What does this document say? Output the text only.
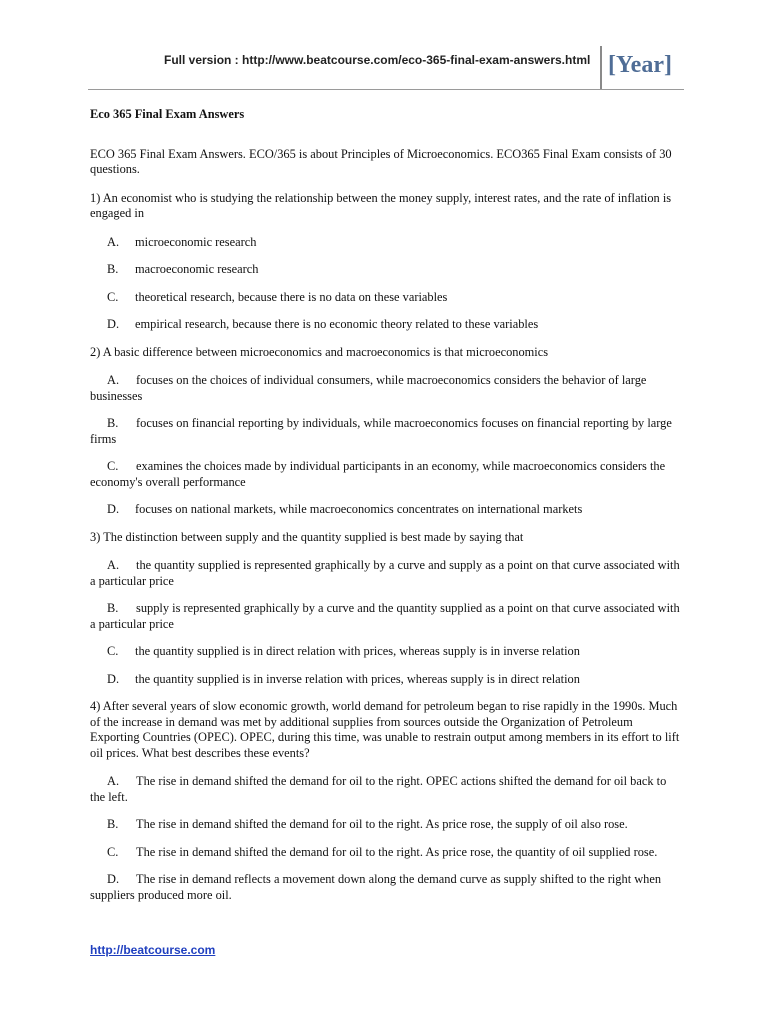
Full version : http://www.beatcourse.com/eco-365-final-exam-answers.html [Year]
Eco 365 Final Exam Answers
ECO 365 Final Exam Answers. ECO/365 is about Principles of Microeconomics. ECO365 Final Exam consists of 30 questions.
1) An economist who is studying the relationship between the money supply, interest rates, and the rate of inflation is engaged in
A.	microeconomic research
B.	macroeconomic research
C.	theoretical research, because there is no data on these variables
D.	empirical research, because there is no economic theory related to these variables
2) A basic difference between microeconomics and macroeconomics is that microeconomics
A. focuses on the choices of individual consumers, while macroeconomics considers the behavior of large businesses
B. focuses on financial reporting by individuals, while macroeconomics focuses on financial reporting by large firms
C. examines the choices made by individual participants in an economy, while macroeconomics considers the economy's overall performance
D.	focuses on national markets, while macroeconomics concentrates on international markets
3) The distinction between supply and the quantity supplied is best made by saying that
A. the quantity supplied is represented graphically by a curve and supply as a point on that curve associated with a particular price
B. supply is represented graphically by a curve and the quantity supplied as a point on that curve associated with a particular price
C.	the quantity supplied is in direct relation with prices, whereas supply is in inverse relation
D.	the quantity supplied is in inverse relation with prices, whereas supply is in direct relation
4) After several years of slow economic growth, world demand for petroleum began to rise rapidly in the 1990s. Much of the increase in demand was met by additional supplies from sources outside the Organization of Petroleum Exporting Countries (OPEC). OPEC, during this time, was unable to restrain output among members in its effort to lift oil prices. What best describes these events?
A. The rise in demand shifted the demand for oil to the right. OPEC actions shifted the demand for oil back to the left.
B. The rise in demand shifted the demand for oil to the right. As price rose, the supply of oil also rose.
C. The rise in demand shifted the demand for oil to the right. As price rose, the quantity of oil supplied rose.
D. The rise in demand reflects a movement down along the demand curve as supply shifted to the right when suppliers produced more oil.
http://beatcourse.com
